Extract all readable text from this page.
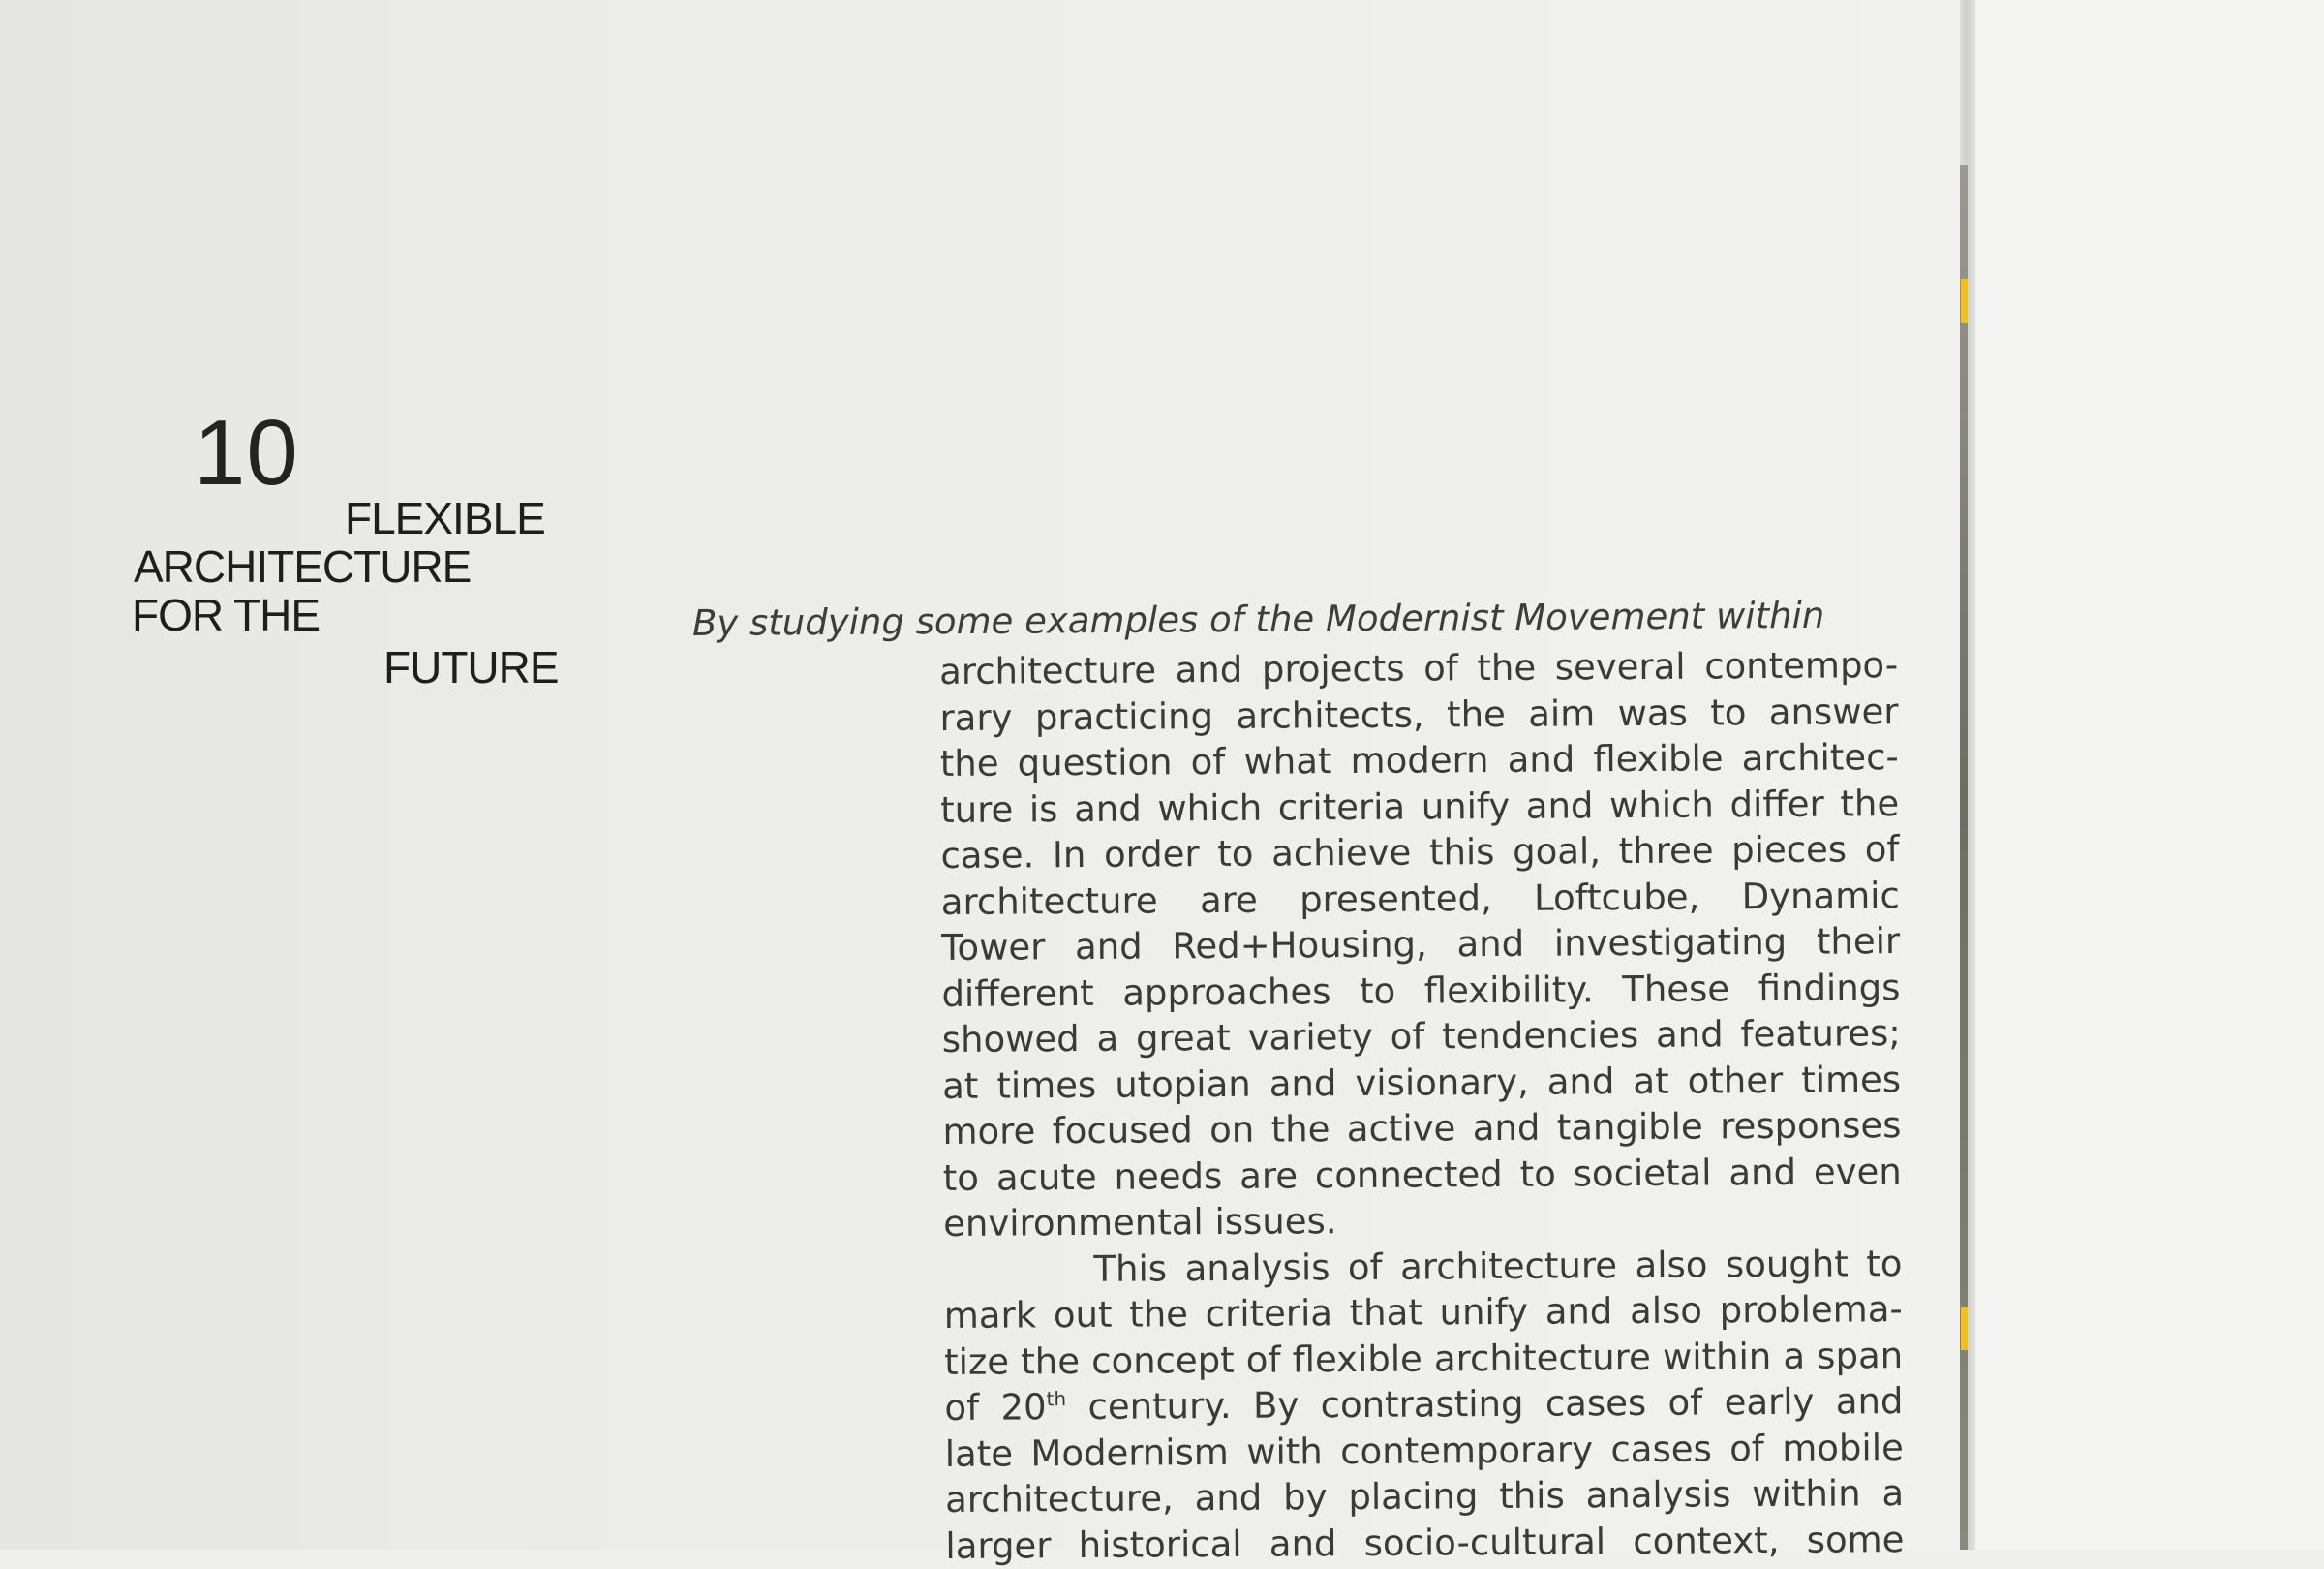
10
FLEXIBLE
ARCHITECTURE
FOR THE
FUTURE
By studying some examples of the Modernist Movement within
architecture and projects of the several contempo-
rary practicing architects, the aim was to answer
the question of what modern and flexible architec-
ture is and which criteria unify and which differ the
case. In order to achieve this goal, three pieces of
architecture are presented, Loftcube, Dynamic
Tower and Red+Housing, and investigating their
different approaches to flexibility. These findings
showed a great variety of tendencies and features;
at times utopian and visionary, and at other times
more focused on the active and tangible responses
to acute needs are connected to societal and even
environmental issues.
This analysis of architecture also sought to
mark out the criteria that unify and also problema-
tize the concept of flexible architecture within a span
of 20th century. By contrasting cases of early and
late Modernism with contemporary cases of mobile
architecture, and by placing this analysis within a
larger historical and socio-cultural context, some
